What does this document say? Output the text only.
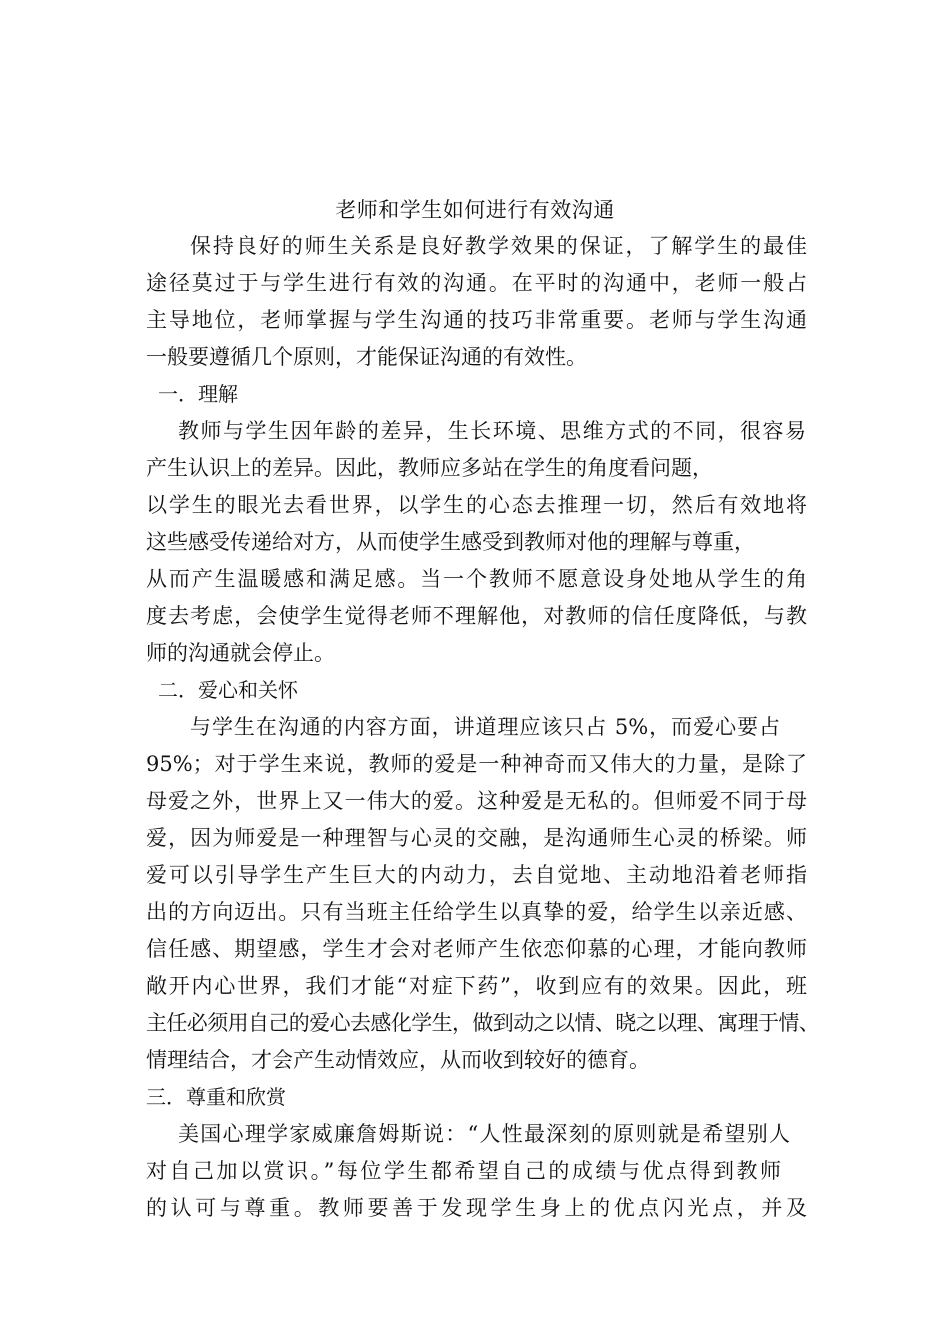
老师和学生如何进行有效沟通
保持良好的师生关系是良好教学效果的保证，了解学生的最佳
途径莫过于与学生进行有效的沟通。在平时的沟通中，老师一般占
主导地位，老师掌握与学生沟通的技巧非常重要。老师与学生沟通
一般要遵循几个原则，才能保证沟通的有效性。
一．理解
教师与学生因年龄的差异，生长环境、思维方式的不同，很容易
产生认识上的差异。因此，教师应多站在学生的角度看问题，
以学生的眼光去看世界，以学生的心态去推理一切，然后有效地将
这些感受传递给对方，从而使学生感受到教师对他的理解与尊重，
从而产生温暖感和满足感。当一个教师不愿意设身处地从学生的角
度去考虑，会使学生觉得老师不理解他，对教师的信任度降低，与教
师的沟通就会停止。
二．爱心和关怀
与学生在沟通的内容方面，讲道理应该只占 5%，而爱心要占
95%；对于学生来说，教师的爱是一种神奇而又伟大的力量，是除了
母爱之外，世界上又一伟大的爱。这种爱是无私的。但师爱不同于母
爱，因为师爱是一种理智与心灵的交融，是沟通师生心灵的桥梁。师
爱可以引导学生产生巨大的内动力，去自觉地、主动地沿着老师指
出的方向迈出。只有当班主任给学生以真挚的爱，给学生以亲近感、
信任感、期望感，学生才会对老师产生依恋仰慕的心理，才能向教师
敞开内心世界，我们才能“对症下药”，收到应有的效果。因此，班
主任必须用自己的爱心去感化学生，做到动之以情、晓之以理、寓理于情、
情理结合，才会产生动情效应，从而收到较好的德育。
三．尊重和欣赏
美国心理学家威廉詹姆斯说：“人性最深刻的原则就是希望别人
对自己加以赏识。”每位学生都希望自己的成绩与优点得到教师
的认可与尊重。教师要善于发现学生身上的优点闪光点，并及
